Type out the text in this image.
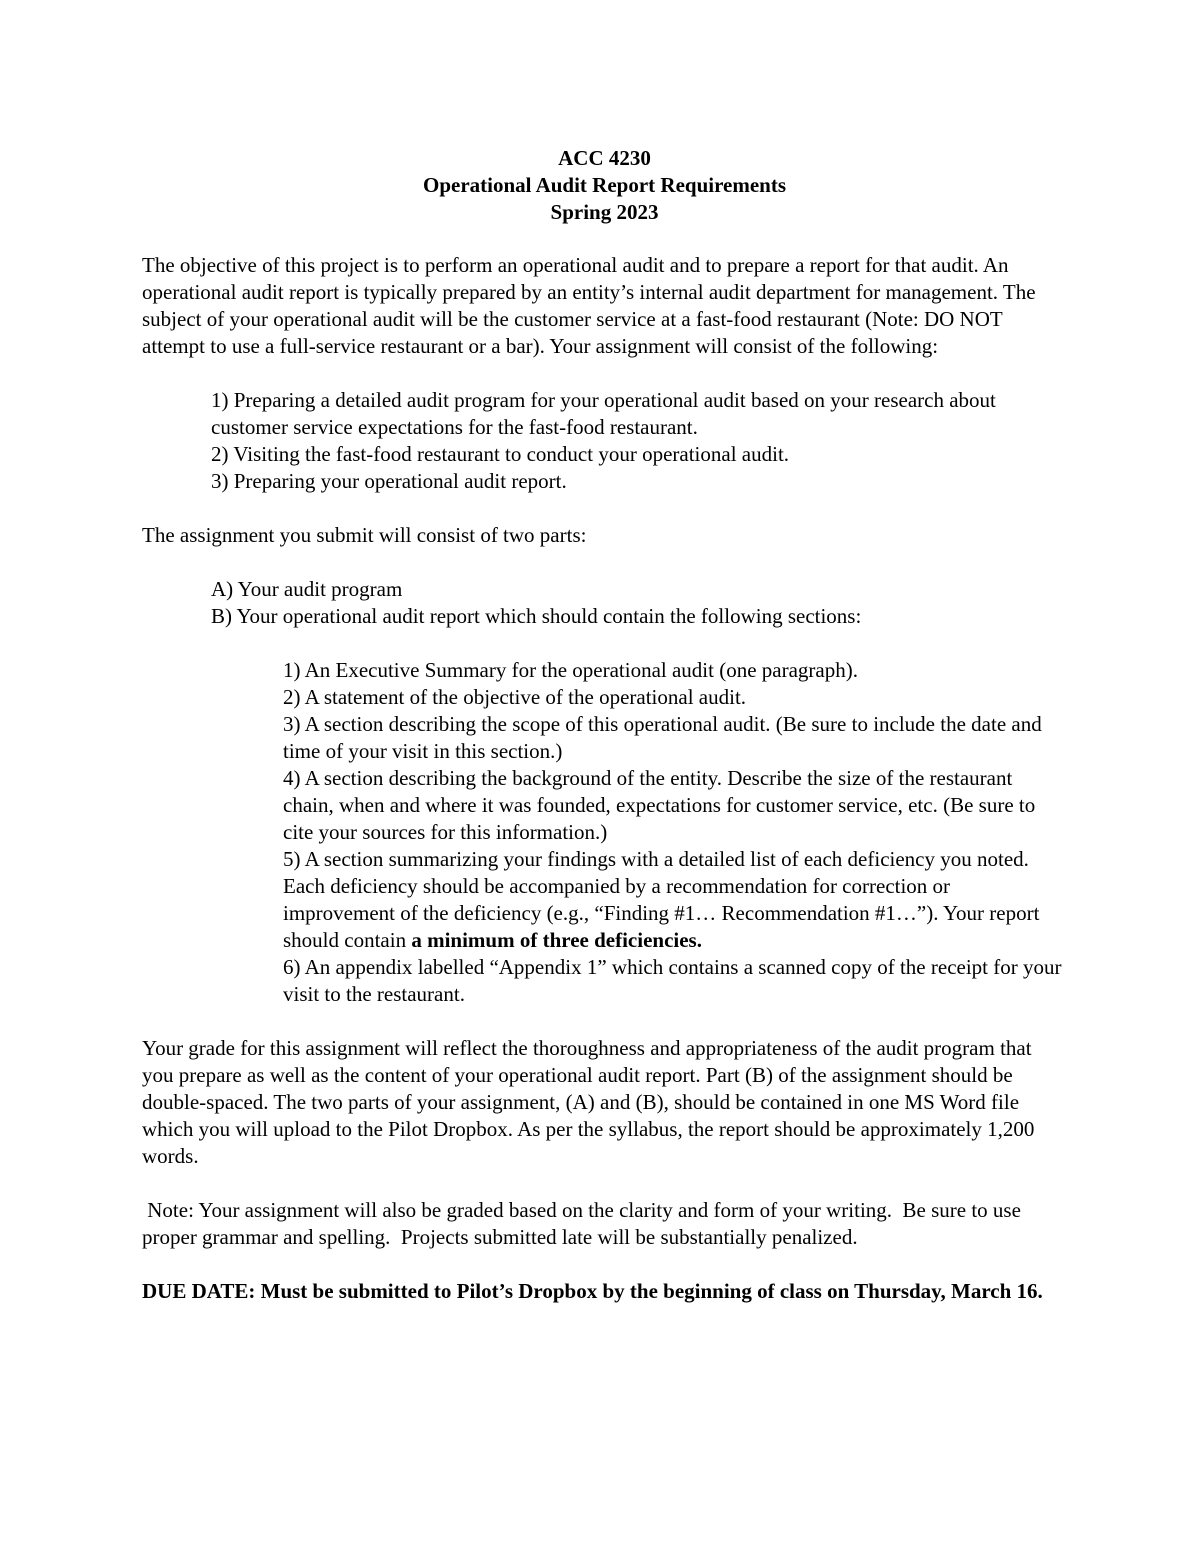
ACC 4230
Operational Audit Report Requirements
Spring 2023

The objective of this project is to perform an operational audit and to prepare a report for that audit. An operational audit report is typically prepared by an entity’s internal audit department for management. The subject of your operational audit will be the customer service at a fast-food restaurant (Note: DO NOT attempt to use a full-service restaurant or a bar). Your assignment will consist of the following:

1) Preparing a detailed audit program for your operational audit based on your research about customer service expectations for the fast-food restaurant.
2) Visiting the fast-food restaurant to conduct your operational audit.
3) Preparing your operational audit report.

The assignment you submit will consist of two parts:

A) Your audit program
B) Your operational audit report which should contain the following sections:
1) An Executive Summary for the operational audit (one paragraph).
2) A statement of the objective of the operational audit.
3) A section describing the scope of this operational audit. (Be sure to include the date and time of your visit in this section.)
4) A section describing the background of the entity. Describe the size of the restaurant chain, when and where it was founded, expectations for customer service, etc. (Be sure to cite your sources for this information.)
5) A section summarizing your findings with a detailed list of each deficiency you noted. Each deficiency should be accompanied by a recommendation for correction or improvement of the deficiency (e.g., “Finding #1… Recommendation #1…”). Your report should contain a minimum of three deficiencies.
6) An appendix labelled “Appendix 1” which contains a scanned copy of the receipt for your visit to the restaurant.

Your grade for this assignment will reflect the thoroughness and appropriateness of the audit program that you prepare as well as the content of your operational audit report. Part (B) of the assignment should be double-spaced. The two parts of your assignment, (A) and (B), should be contained in one MS Word file which you will upload to the Pilot Dropbox. As per the syllabus, the report should be approximately 1,200 words.

Note: Your assignment will also be graded based on the clarity and form of your writing.  Be sure to use proper grammar and spelling.  Projects submitted late will be substantially penalized.

DUE DATE: Must be submitted to Pilot’s Dropbox by the beginning of class on Thursday, March 16.
